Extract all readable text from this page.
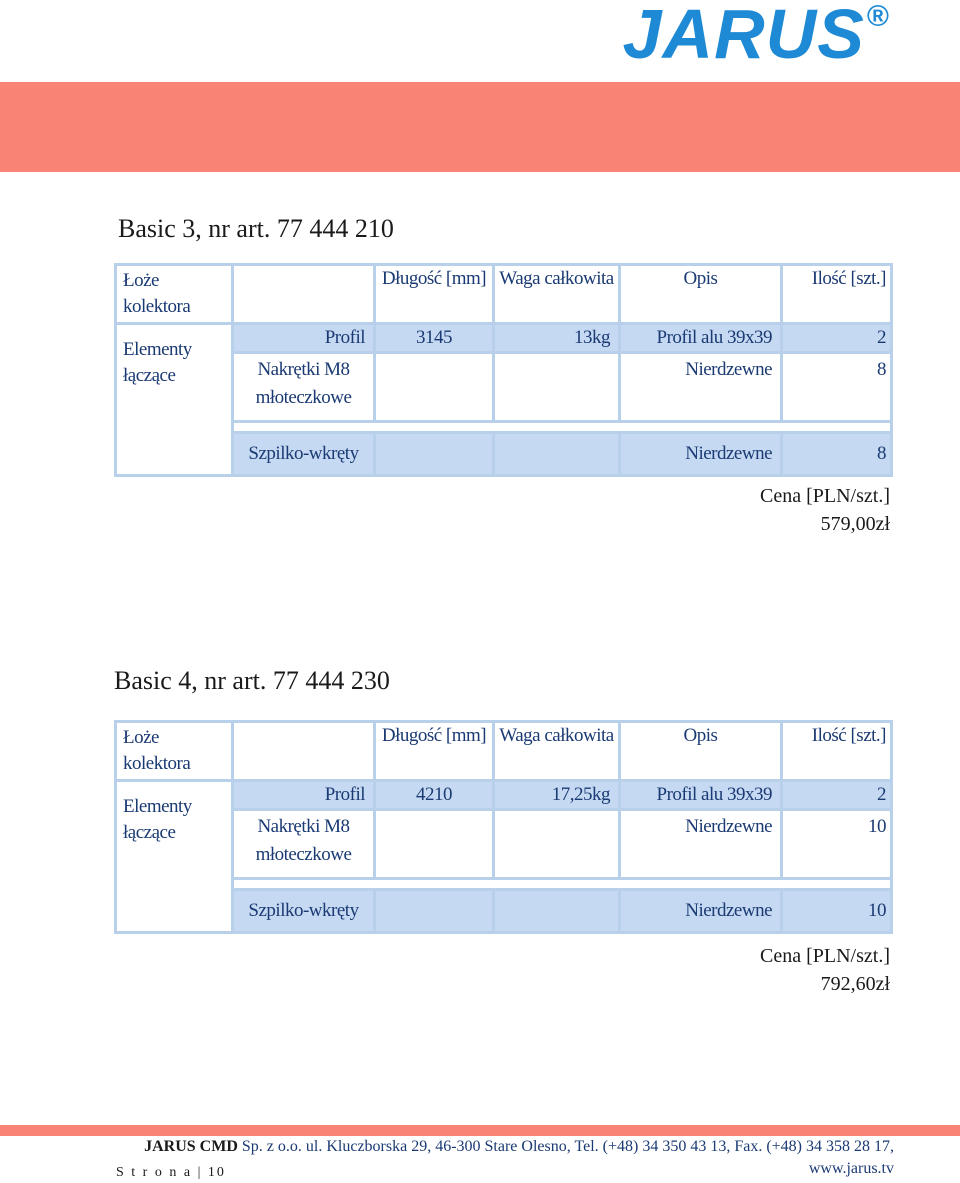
JARUS®
Basic 3, nr art. 77 444 210
Łoże kolektora		Długość [mm]	Waga całkowita	Opis	Ilość [szt.]
Elementy łączące	Profil	3145	13kg	Profil alu 39x39	2
	Nakrętki M8 młoteczkowe			Nierdzewne	8

	Szpilko-wkręty			Nierdzewne	8
Cena [PLN/szt.]
579,00zł
Basic 4, nr art. 77 444 230
Łoże kolektora		Długość [mm]	Waga całkowita	Opis	Ilość [szt.]
Elementy łączące	Profil	4210	17,25kg	Profil alu 39x39	2
	Nakrętki M8 młoteczkowe			Nierdzewne	10

	Szpilko-wkręty			Nierdzewne	10
Cena [PLN/szt.]
792,60zł
JARUS CMD Sp. z o.o. ul. Kluczborska 29, 46-300 Stare Olesno, Tel. (+48) 34 350 43 13, Fax. (+48) 34 358 28 17,
www.jarus.tv
S t r o n a | 10
